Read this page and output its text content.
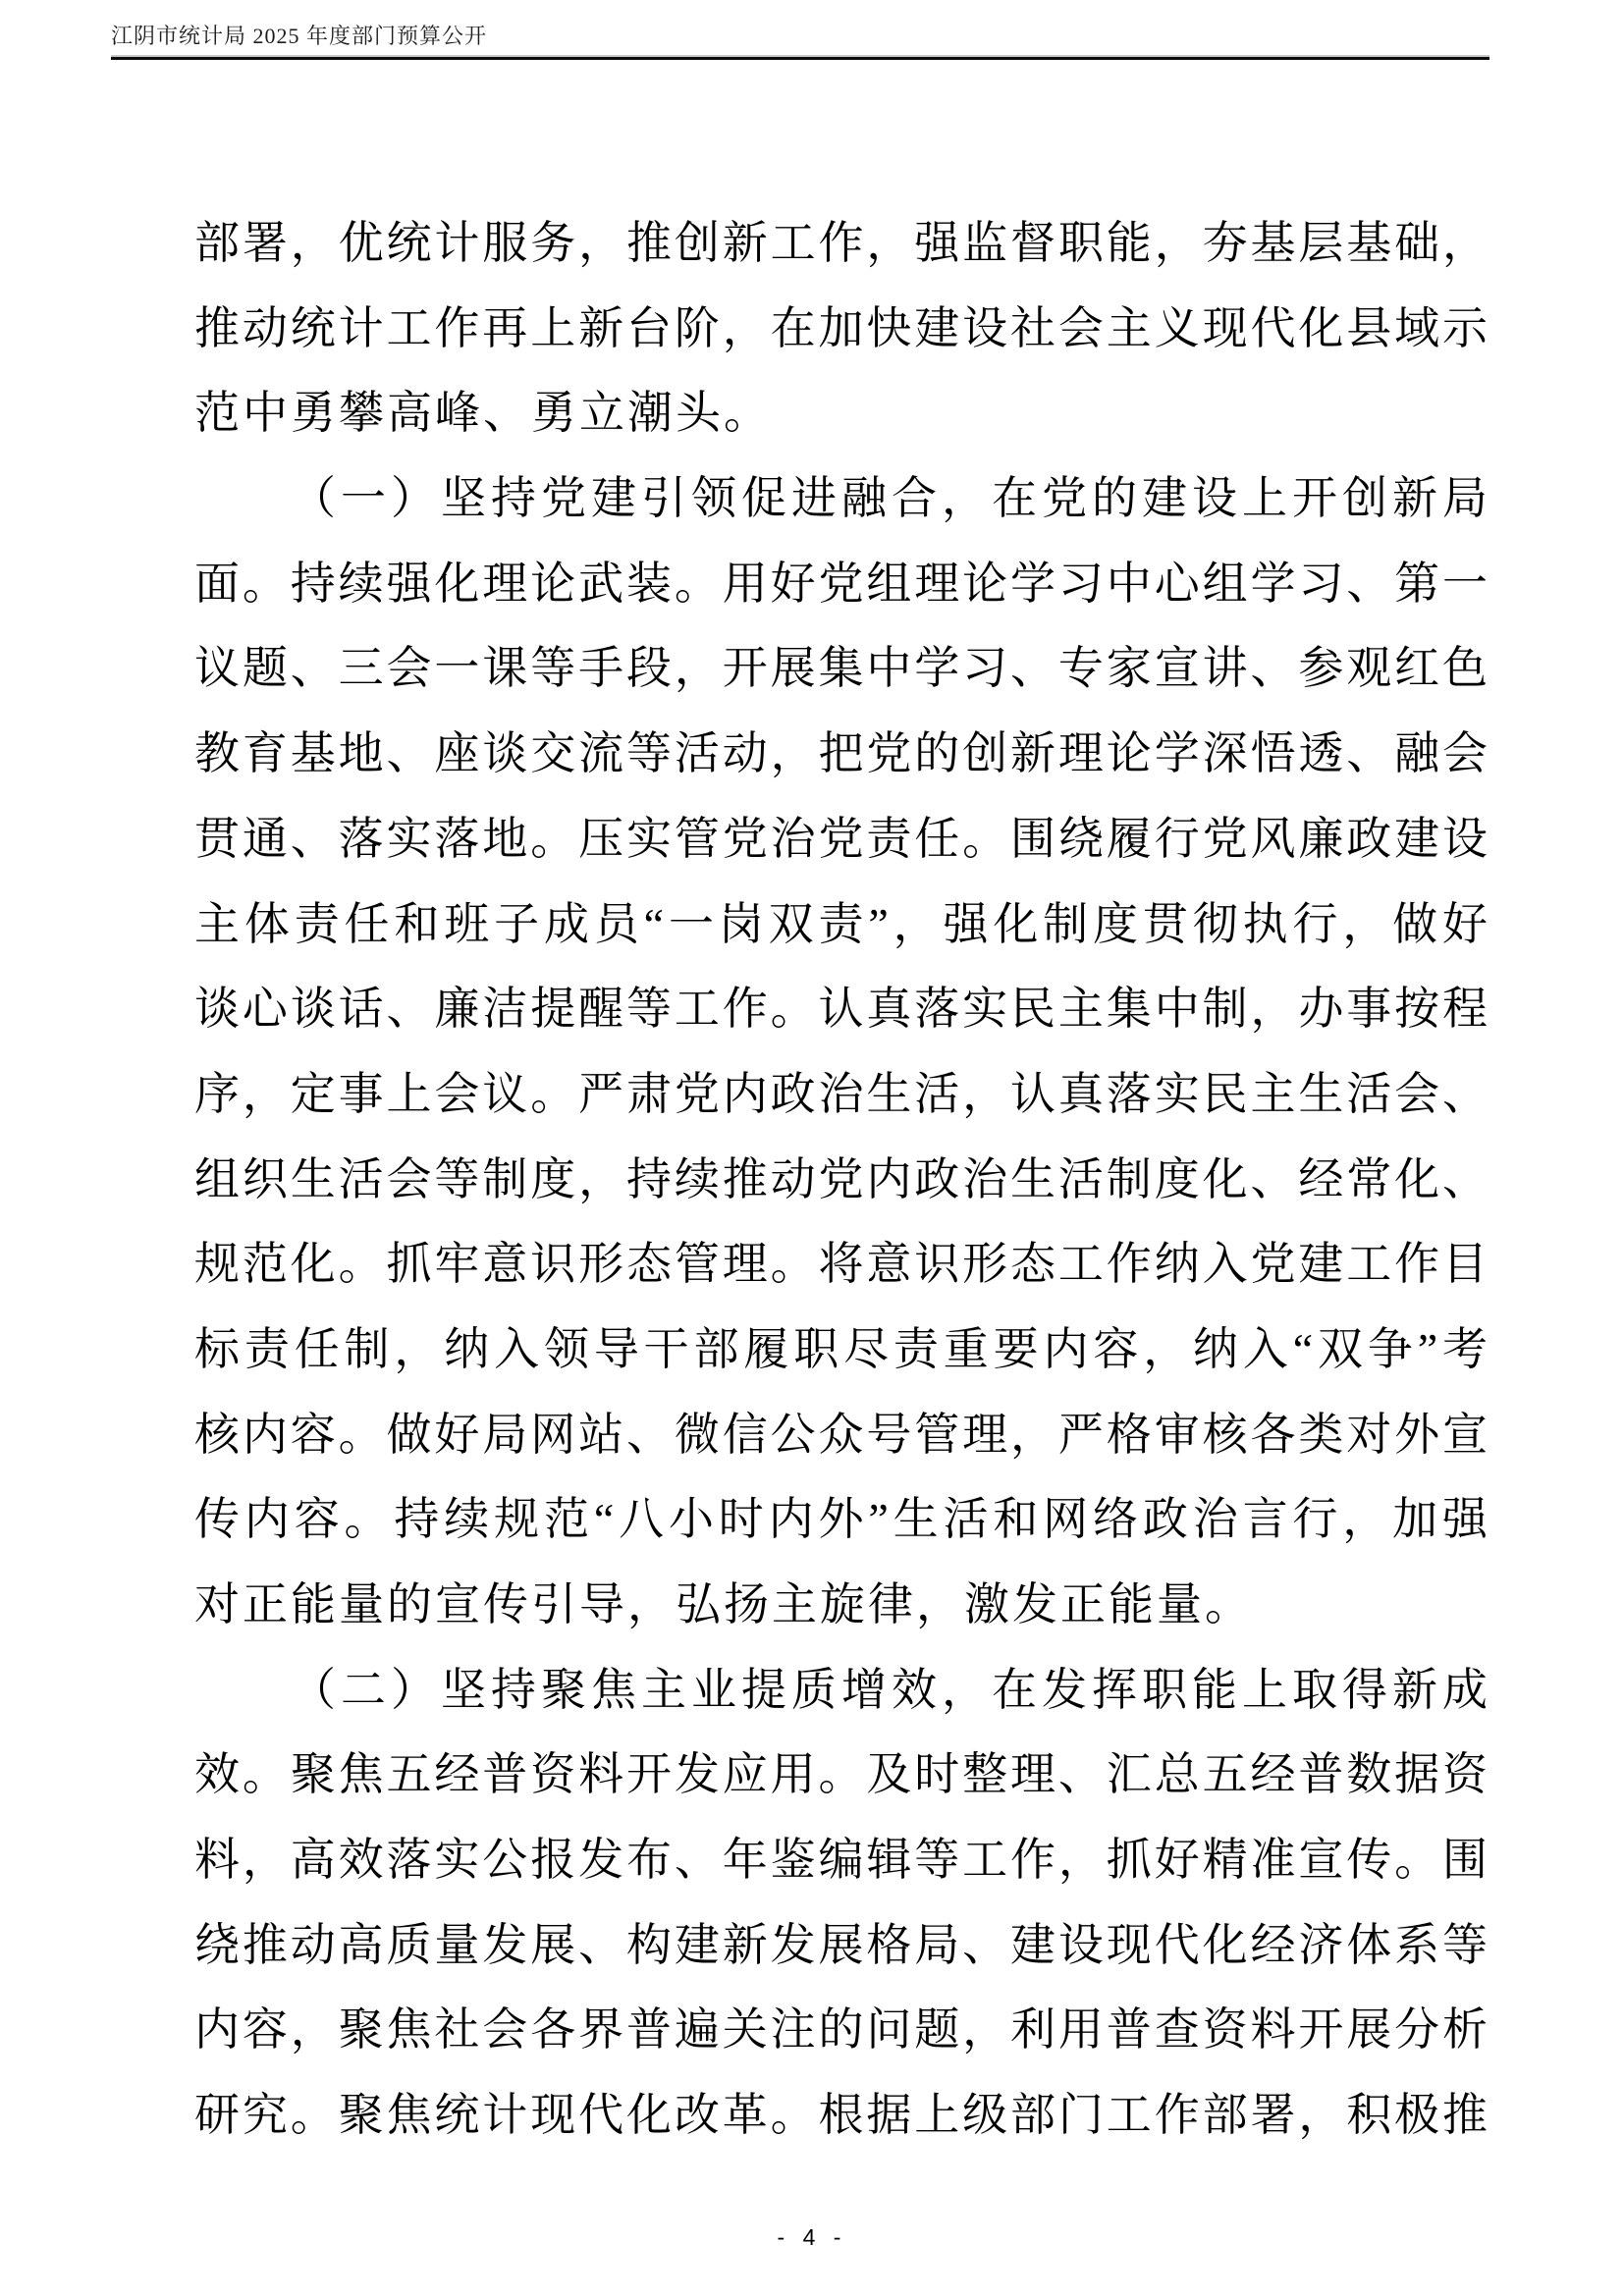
江阴市统计局 2025 年度部门预算公开
部署，优统计服务，推创新工作，强监督职能，夯基层基础，
推动统计工作再上新台阶，在加快建设社会主义现代化县域示
范中勇攀高峰、勇立潮头。
（一）坚持党建引领促进融合，在党的建设上开创新局
面。持续强化理论武装。用好党组理论学习中心组学习、第一
议题、三会一课等手段，开展集中学习、专家宣讲、参观红色
教育基地、座谈交流等活动，把党的创新理论学深悟透、融会
贯通、落实落地。压实管党治党责任。围绕履行党风廉政建设
主体责任和班子成员“一岗双责”，强化制度贯彻执行，做好
谈心谈话、廉洁提醒等工作。认真落实民主集中制，办事按程
序，定事上会议。严肃党内政治生活，认真落实民主生活会、
组织生活会等制度，持续推动党内政治生活制度化、经常化、
规范化。抓牢意识形态管理。将意识形态工作纳入党建工作目
标责任制，纳入领导干部履职尽责重要内容，纳入“双争”考
核内容。做好局网站、微信公众号管理，严格审核各类对外宣
传内容。持续规范“八小时内外”生活和网络政治言行，加强
对正能量的宣传引导，弘扬主旋律，激发正能量。
（二）坚持聚焦主业提质增效，在发挥职能上取得新成
效。聚焦五经普资料开发应用。及时整理、汇总五经普数据资
料，高效落实公报发布、年鉴编辑等工作，抓好精准宣传。围
绕推动高质量发展、构建新发展格局、建设现代化经济体系等
内容，聚焦社会各界普遍关注的问题，利用普查资料开展分析
研究。聚焦统计现代化改革。根据上级部门工作部署，积极推
- 4 -
